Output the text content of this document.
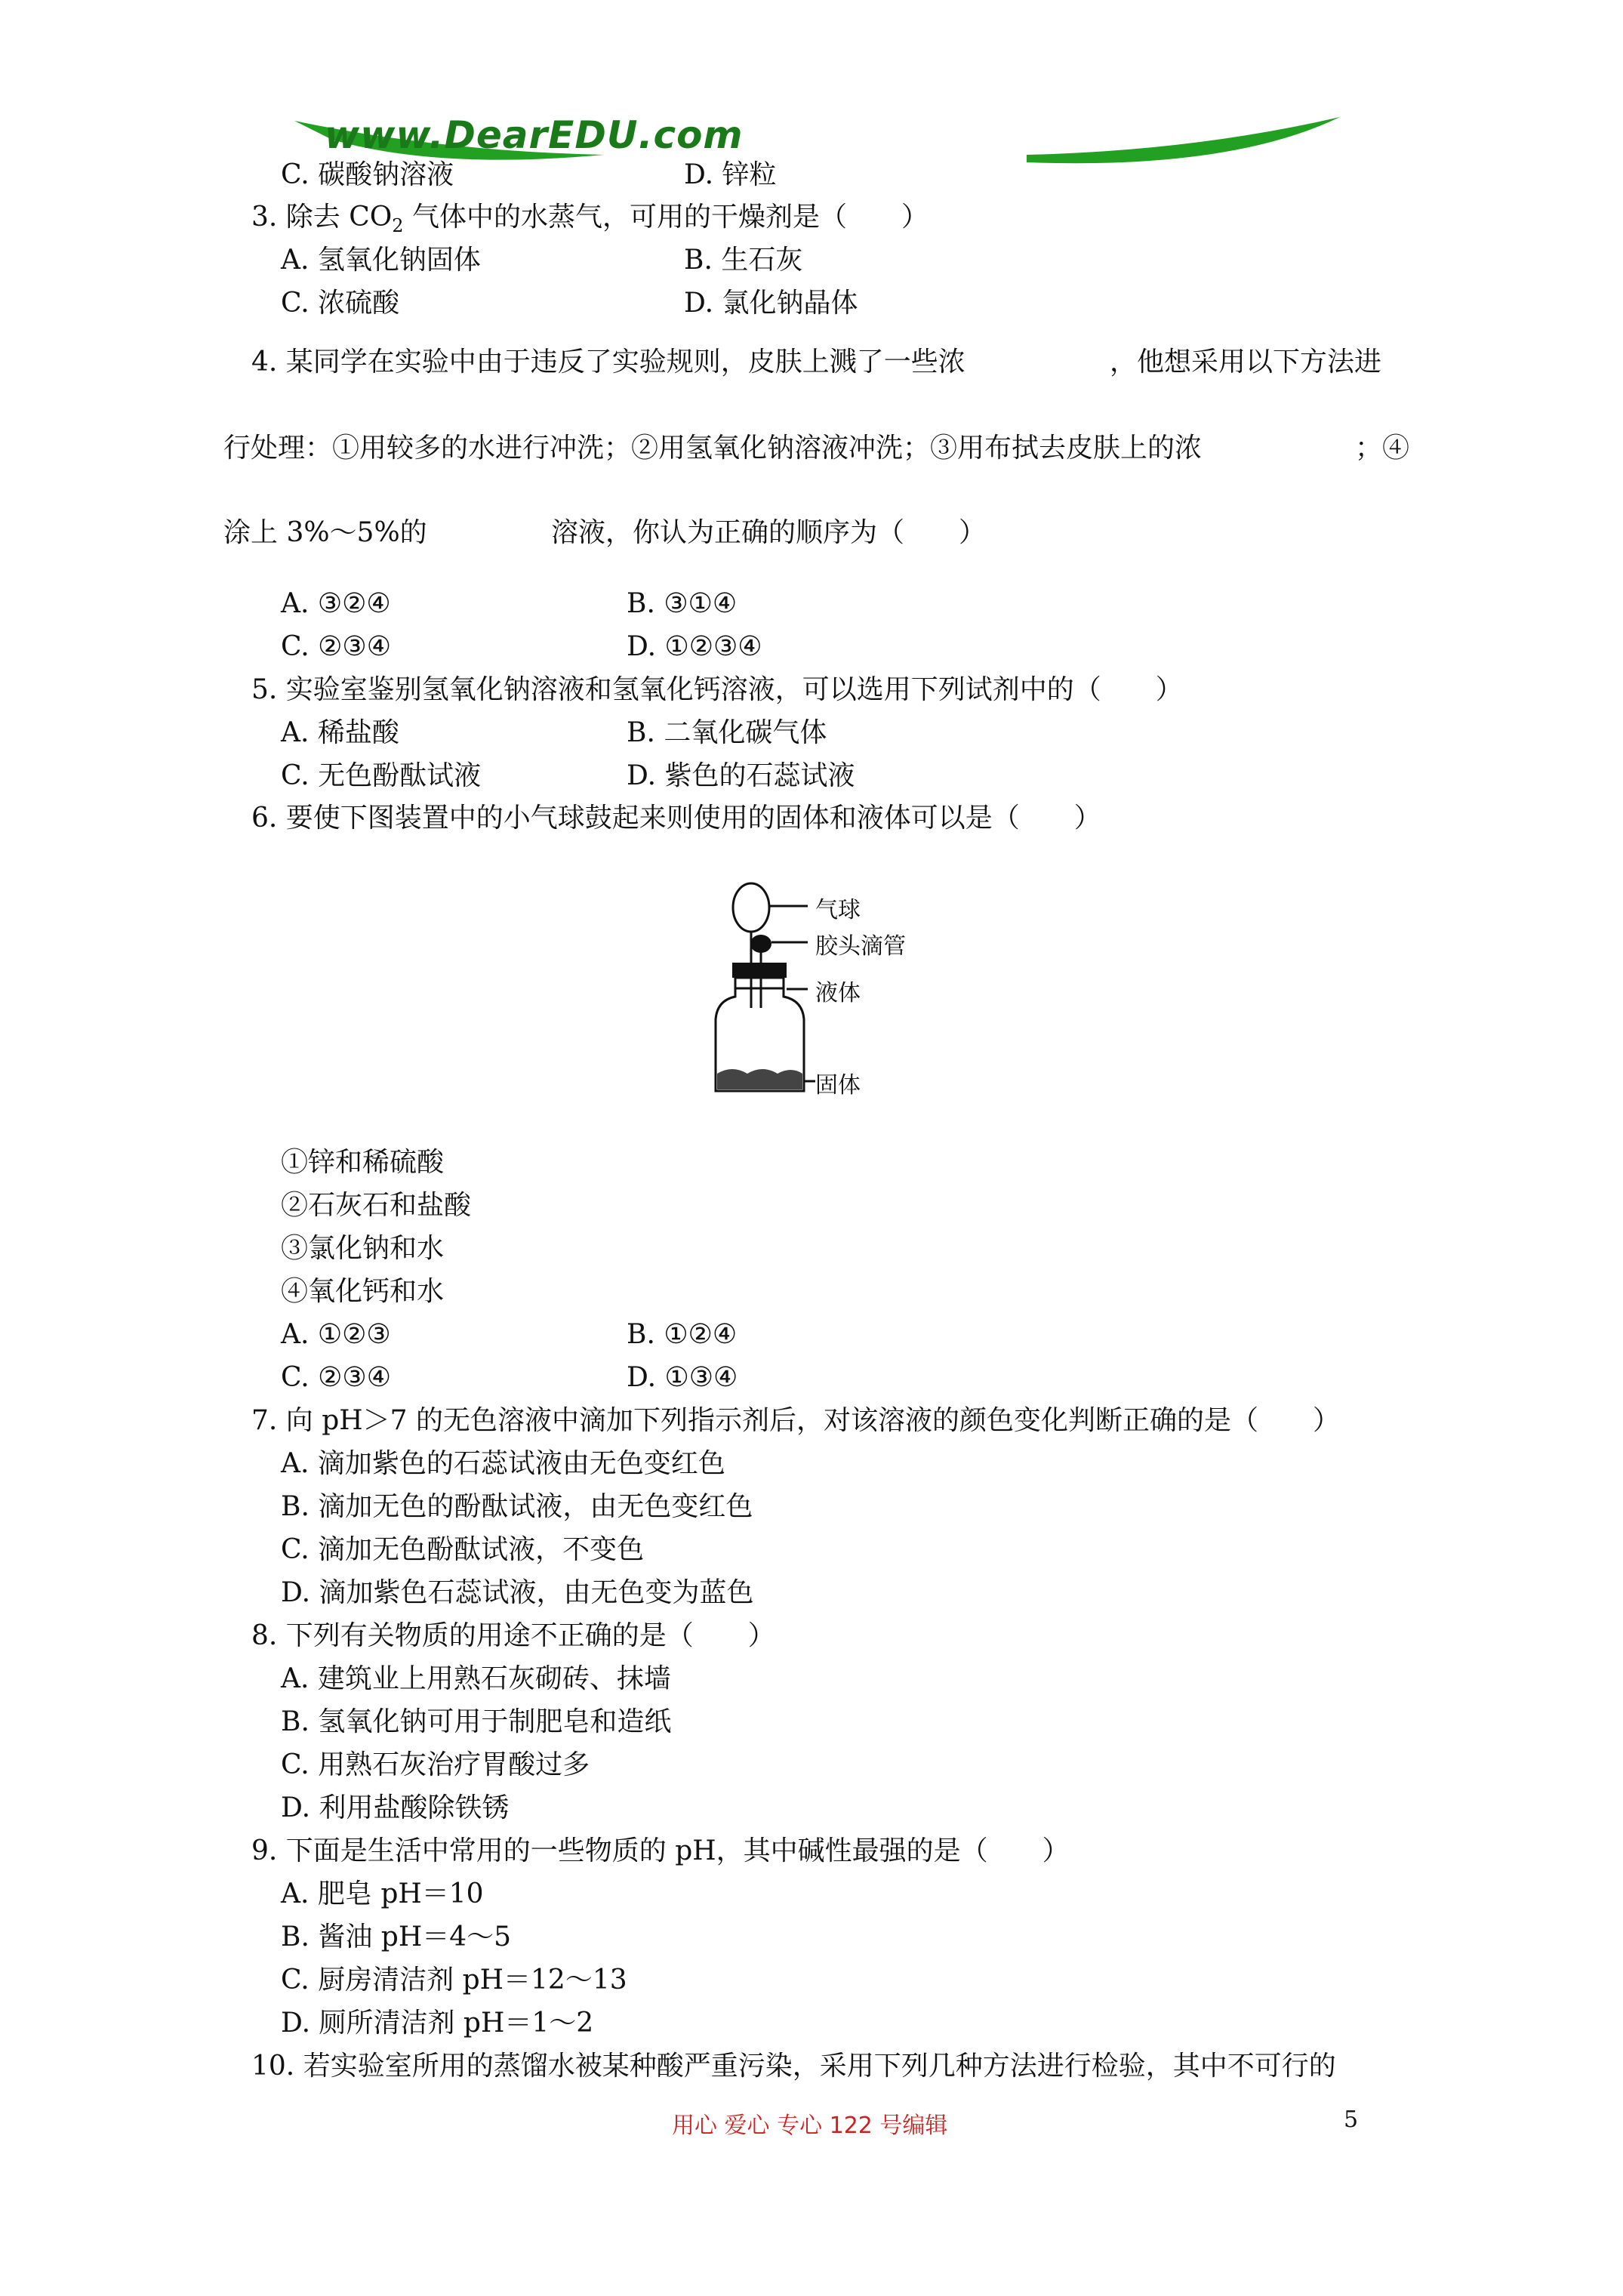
www.DearEDU.com
C. 碳酸钠溶液	D. 锌粒
3. 除去 $CO_2$ 气体中的水蒸气，可用的干燥剂是（　　）
A. 氢氧化钠固体	B. 生石灰
C. 浓硫酸	D. 氯化钠晶体
4. 某同学在实验中由于违反了实验规则，皮肤上溅了一些浓	，他想采用以下方法进
行处理：①用较多的水进行冲洗；②用氢氧化钠溶液冲洗；③用布拭去皮肤上的浓	；④
涂上 3%～5%的	溶液，你认为正确的顺序为（　　）
A. ③②④	B. ③①④
C. ②③④	D. ①②③④
5. 实验室鉴别氢氧化钠溶液和氢氧化钙溶液，可以选用下列试剂中的（　　）
A. 稀盐酸	B. 二氧化碳气体
C. 无色酚酞试液	D. 紫色的石蕊试液
6. 要使下图装置中的小气球鼓起来则使用的固体和液体可以是（　　）
气球
胶头滴管
液体
固体
①锌和稀硫酸
②石灰石和盐酸
③氯化钠和水
④氧化钙和水
A. ①②③	B. ①②④
C. ②③④	D. ①③④
7. 向 pH＞7 的无色溶液中滴加下列指示剂后，对该溶液的颜色变化判断正确的是（　　）
A. 滴加紫色的石蕊试液由无色变红色
B. 滴加无色的酚酞试液，由无色变红色
C. 滴加无色酚酞试液，不变色
D. 滴加紫色石蕊试液，由无色变为蓝色
8. 下列有关物质的用途不正确的是（　　）
A. 建筑业上用熟石灰砌砖、抹墙
B. 氢氧化钠可用于制肥皂和造纸
C. 用熟石灰治疗胃酸过多
D. 利用盐酸除铁锈
9. 下面是生活中常用的一些物质的 pH，其中碱性最强的是（　　）
A. 肥皂 pH＝10
B. 酱油 pH＝4～5
C. 厨房清洁剂 pH＝12～13
D. 厕所清洁剂 pH＝1～2
10. 若实验室所用的蒸馏水被某种酸严重污染，采用下列几种方法进行检验，其中不可行的
用心 爱心 专心 122 号编辑	5
